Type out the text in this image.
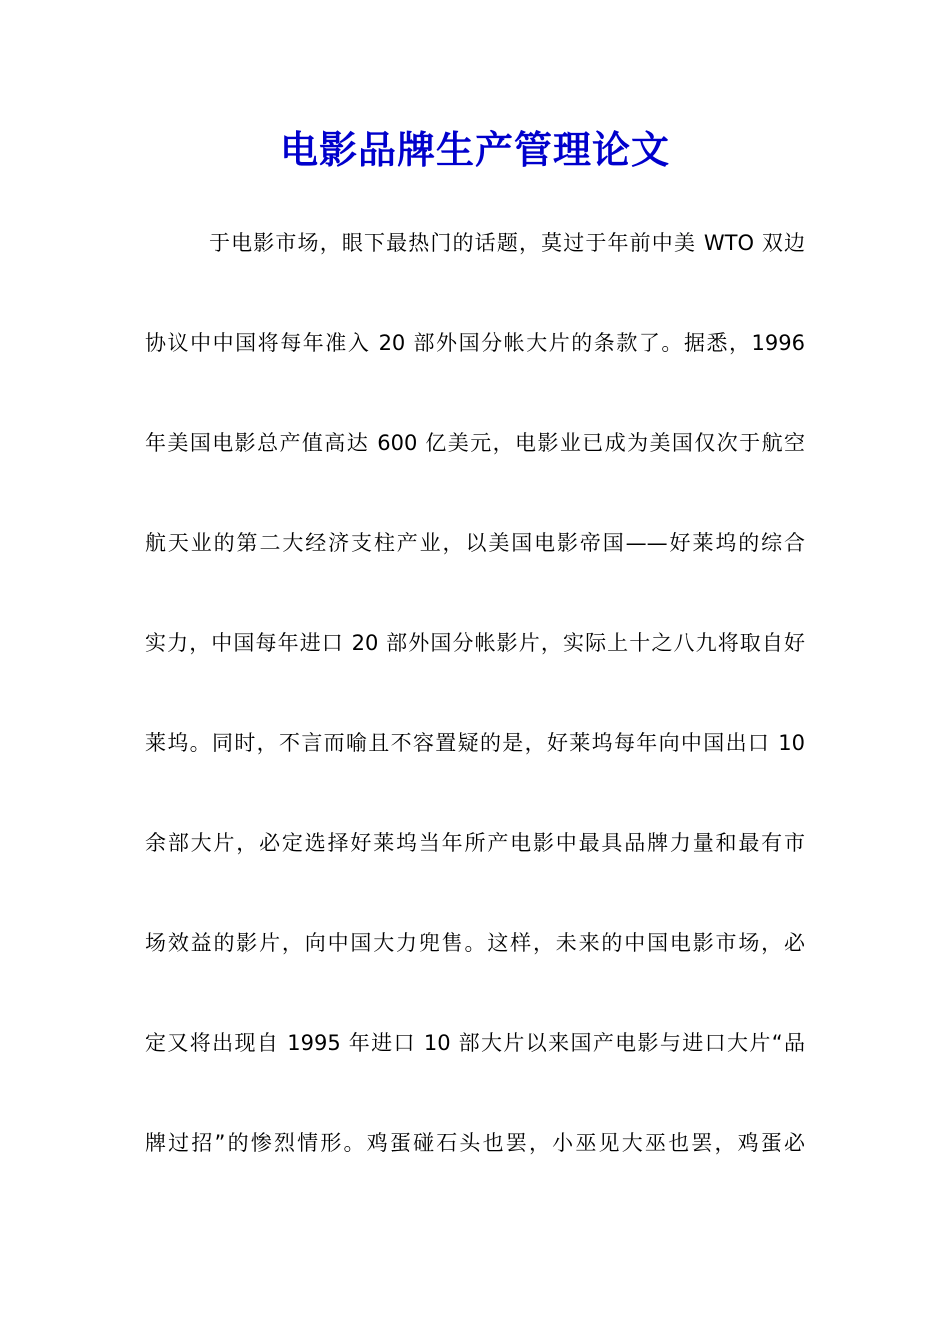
电影品牌生产管理论文

于电影市场，眼下最热门的话题，莫过于年前中美 WTO 双边

协议中中国将每年准入 20 部外国分帐大片的条款了。据悉，1996

年美国电影总产值高达 600 亿美元，电影业已成为美国仅次于航空

航天业的第二大经济支柱产业，以美国电影帝国——好莱坞的综合

实力，中国每年进口 20 部外国分帐影片，实际上十之八九将取自好

莱坞。同时，不言而喻且不容置疑的是，好莱坞每年向中国出口 10

余部大片，必定选择好莱坞当年所产电影中最具品牌力量和最有市

场效益的影片，向中国大力兜售。这样，未来的中国电影市场，必

定又将出现自 1995 年进口 10 部大片以来国产电影与进口大片“品

牌过招”的惨烈情形。鸡蛋碰石头也罢，小巫见大巫也罢，鸡蛋必
